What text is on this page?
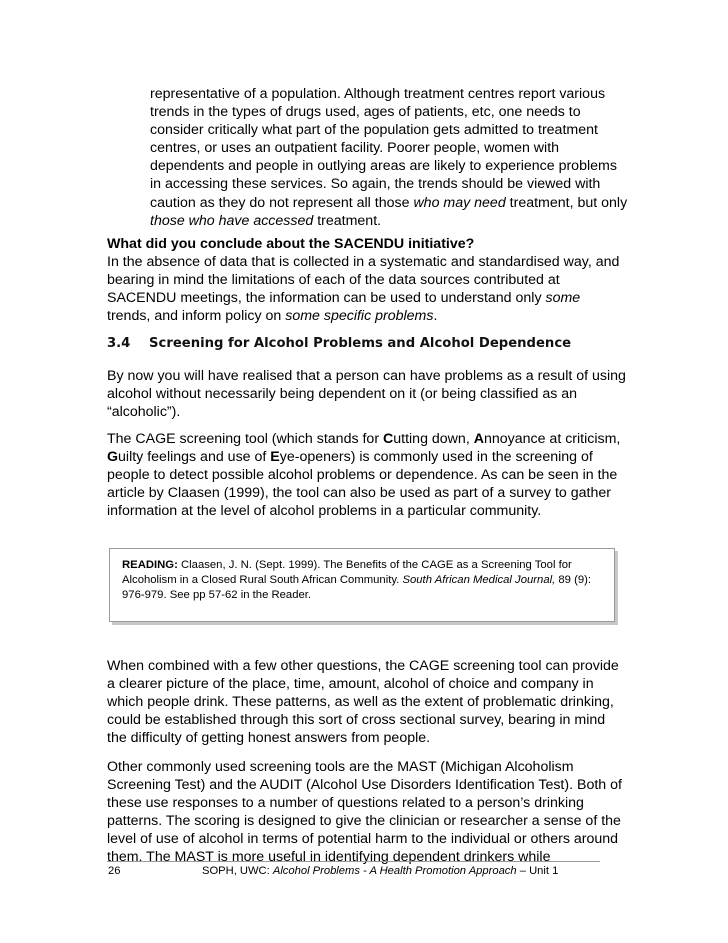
representative of a population. Although treatment centres report various trends in the types of drugs used, ages of patients, etc, one needs to consider critically what part of the population gets admitted to treatment centres, or uses an outpatient facility. Poorer people, women with dependents and people in outlying areas are likely to experience problems in accessing these services. So again, the trends should be viewed with caution as they do not represent all those who may need treatment, but only those who have accessed treatment.
What did you conclude about the SACENDU initiative?
In the absence of data that is collected in a systematic and standardised way, and bearing in mind the limitations of each of the data sources contributed at SACENDU meetings, the information can be used to understand only some trends, and inform policy on some specific problems.
3.4 Screening for Alcohol Problems and Alcohol Dependence
By now you will have realised that a person can have problems as a result of using alcohol without necessarily being dependent on it (or being classified as an “alcoholic”).
The CAGE screening tool (which stands for Cutting down, Annoyance at criticism, Guilty feelings and use of Eye-openers) is commonly used in the screening of people to detect possible alcohol problems or dependence. As can be seen in the article by Claasen (1999), the tool can also be used as part of a survey to gather information at the level of alcohol problems in a particular community.
READING: Claasen, J. N. (Sept. 1999). The Benefits of the CAGE as a Screening Tool for Alcoholism in a Closed Rural South African Community. South African Medical Journal, 89 (9): 976-979. See pp 57-62 in the Reader.
When combined with a few other questions, the CAGE screening tool can provide a clearer picture of the place, time, amount, alcohol of choice and company in which people drink. These patterns, as well as the extent of problematic drinking, could be established through this sort of cross sectional survey, bearing in mind the difficulty of getting honest answers from people.
Other commonly used screening tools are the MAST (Michigan Alcoholism Screening Test) and the AUDIT (Alcohol Use Disorders Identification Test). Both of these use responses to a number of questions related to a person’s drinking patterns. The scoring is designed to give the clinician or researcher a sense of the level of use of alcohol in terms of potential harm to the individual or others around them. The MAST is more useful in identifying dependent drinkers while
26	SOPH, UWC: Alcohol Problems - A Health Promotion Approach – Unit 1
